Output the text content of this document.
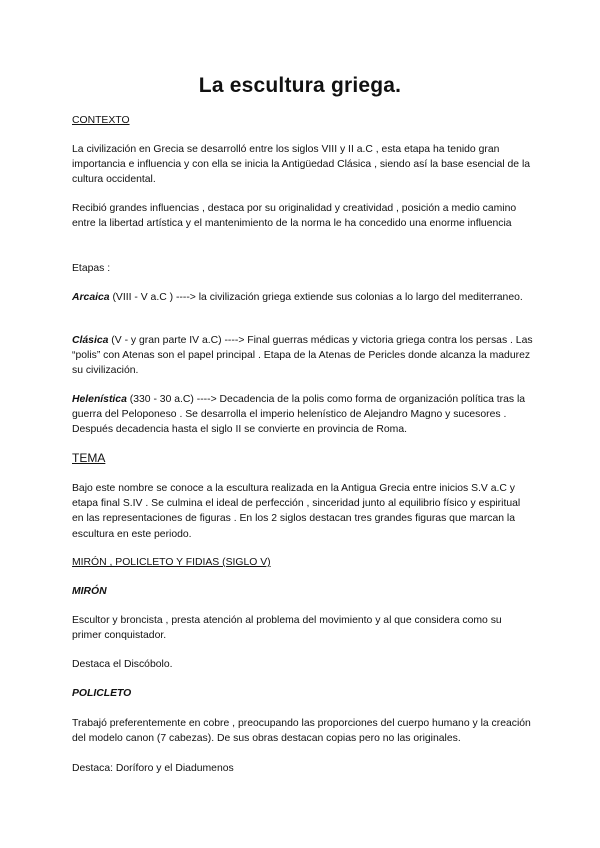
La escultura griega.
CONTEXTO
La civilización en Grecia se desarrolló entre los siglos VIII y II a.C , esta etapa ha tenido gran importancia e influencia y con ella se inicia la Antigüedad Clásica , siendo así la base esencial de la cultura occidental.
Recibió grandes influencias , destaca por su originalidad y creatividad , posición a medio camino entre la libertad artística y el mantenimiento de la norma le ha concedido una enorme influencia
Etapas :
Arcaica (VIII - V a.C ) ----> la civilización griega extiende sus colonias a lo largo del mediterraneo.
Clásica (V - y gran parte IV a.C) ----> Final guerras médicas y victoria griega contra los persas . Las “polis” con Atenas son el papel principal . Etapa de la Atenas de Pericles donde alcanza la madurez su civilización.
Helenística (330 - 30 a.C) ----> Decadencia de la polis como forma de organización política tras la guerra del Peloponeso . Se desarrolla el imperio helenístico de Alejandro Magno y sucesores . Después decadencia hasta el siglo II se convierte en provincia de Roma.
TEMA
Bajo este nombre se conoce a la escultura realizada en la Antigua Grecia entre inicios S.V a.C y etapa final S.IV . Se culmina el ideal de perfección , sinceridad junto al equilibrio físico y espiritual en las representaciones de figuras . En los 2 siglos destacan tres grandes figuras que marcan la escultura en este periodo.
MIRÓN , POLICLETO Y FIDIAS (SIGLO V)
MIRÓN
Escultor y broncista , presta atención al problema del movimiento y al que considera como su primer conquistador.
Destaca el Discóbolo.
POLICLETO
Trabajó preferentemente en cobre , preocupando las proporciones del cuerpo humano y la creación del modelo canon (7 cabezas). De sus obras destacan copias pero no las originales.
Destaca: Doríforo y el Diadumenos
